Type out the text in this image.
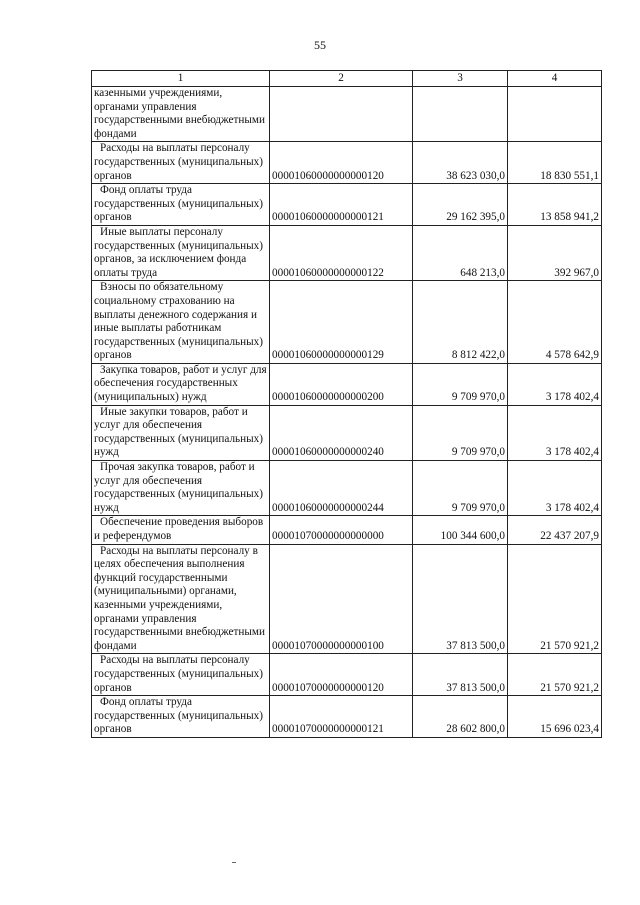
55
1	2	3	4

казенными учреждениями, органами управления государственными внебюджетными фондами			

Расходы на выплаты персоналу государственных (муниципальных) органов	00001060000000000120	38 623 030,0	18 830 551,1

Фонд оплаты труда государственных (муниципальных) органов	00001060000000000121	29 162 395,0	13 858 941,2

Иные выплаты персоналу государственных (муниципальных) органов, за исключением фонда оплаты труда	00001060000000000122	648 213,0	392 967,0

Взносы по обязательному социальному страхованию на выплаты денежного содержания и иные выплаты работникам государственных (муниципальных) органов	00001060000000000129	8 812 422,0	4 578 642,9

Закупка товаров, работ и услуг для обеспечения государственных (муниципальных) нужд	00001060000000000200	9 709 970,0	3 178 402,4

Иные закупки товаров, работ и услуг для обеспечения государственных (муниципальных) нужд	00001060000000000240	9 709 970,0	3 178 402,4

Прочая закупка товаров, работ и услуг для обеспечения государственных (муниципальных) нужд	00001060000000000244	9 709 970,0	3 178 402,4

Обеспечение проведения выборов и референдумов	00001070000000000000	100 344 600,0	22 437 207,9

Расходы на выплаты персоналу в целях обеспечения выполнения функций государственными (муниципальными) органами, казенными учреждениями, органами управления государственными внебюджетными фондами	00001070000000000100	37 813 500,0	21 570 921,2

Расходы на выплаты персоналу государственных (муниципальных) органов	00001070000000000120	37 813 500,0	21 570 921,2

Фонд оплаты труда государственных (муниципальных) органов	00001070000000000121	28 602 800,0	15 696 023,4
